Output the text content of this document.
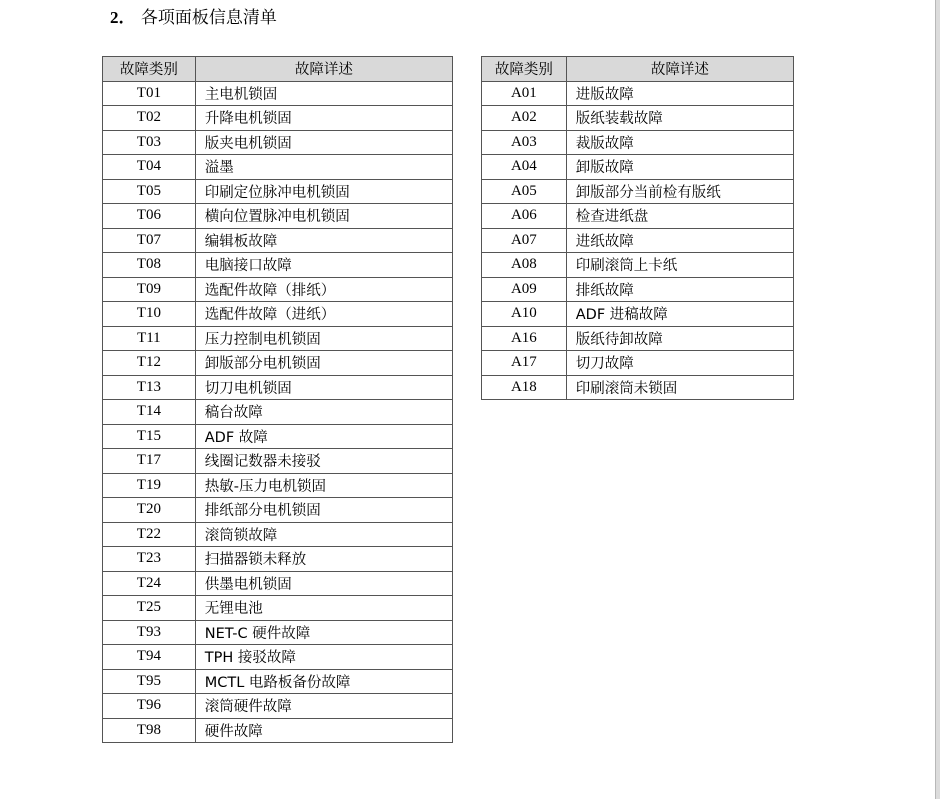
2． 各项面板信息清单
故障类别	故障详述
T01	主电机锁固
T02	升降电机锁固
T03	版夹电机锁固
T04	溢墨
T05	印刷定位脉冲电机锁固
T06	横向位置脉冲电机锁固
T07	编辑板故障
T08	电脑接口故障
T09	选配件故障（排纸）
T10	选配件故障（进纸）
T11	压力控制电机锁固
T12	卸版部分电机锁固
T13	切刀电机锁固
T14	稿台故障
T15	ADF 故障
T17	线圈记数器未接驳
T19	热敏-压力电机锁固
T20	排纸部分电机锁固
T22	滚筒锁故障
T23	扫描器锁未释放
T24	供墨电机锁固
T25	无锂电池
T93	NET-C 硬件故障
T94	TPH 接驳故障
T95	MCTL 电路板备份故障
T96	滚筒硬件故障
T98	硬件故障
故障类别	故障详述
A01	进版故障
A02	版纸装载故障
A03	裁版故障
A04	卸版故障
A05	卸版部分当前检有版纸
A06	检查进纸盘
A07	进纸故障
A08	印刷滚筒上卡纸
A09	排纸故障
A10	ADF 进稿故障
A16	版纸待卸故障
A17	切刀故障
A18	印刷滚筒未锁固
